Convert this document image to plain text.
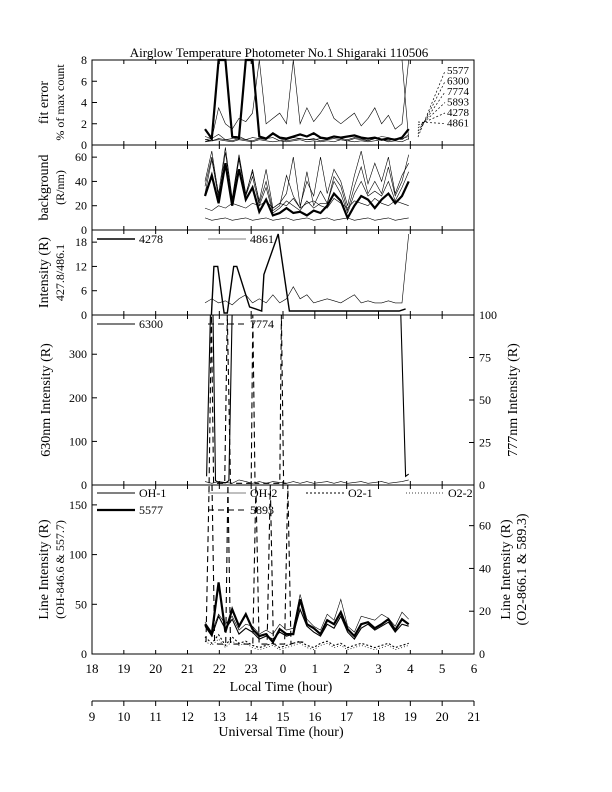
Airglow Temperature Photometer No.1 Shigaraki 110506
0
2
4
6
8
fit error % of max count	5577
6300
7774
5893
4278
4861
0
20
40
60
background (R/nm)
0
6
12
18
Intensity (R) 427.8/486.1
4278	4861
0
100
200
300
0
25
50
75
100
630nm Intensity (R)	777nm Intensity (R)
6300	7774
0
50
100
150
0
20
40
60
Line Intensity (R) (OH-846.6 & 557.7)	Line Intensity (R) (O2-866.1 & 589.3)
OH-1	OH-2	O2-1	O2-2
5577	5893
18 19 20 21 22 23 0 1 2 3 4 5 6
Local Time (hour)
9 10 11 12 13 14 15 16 17 18 19 20 21
Universal Time (hour)
